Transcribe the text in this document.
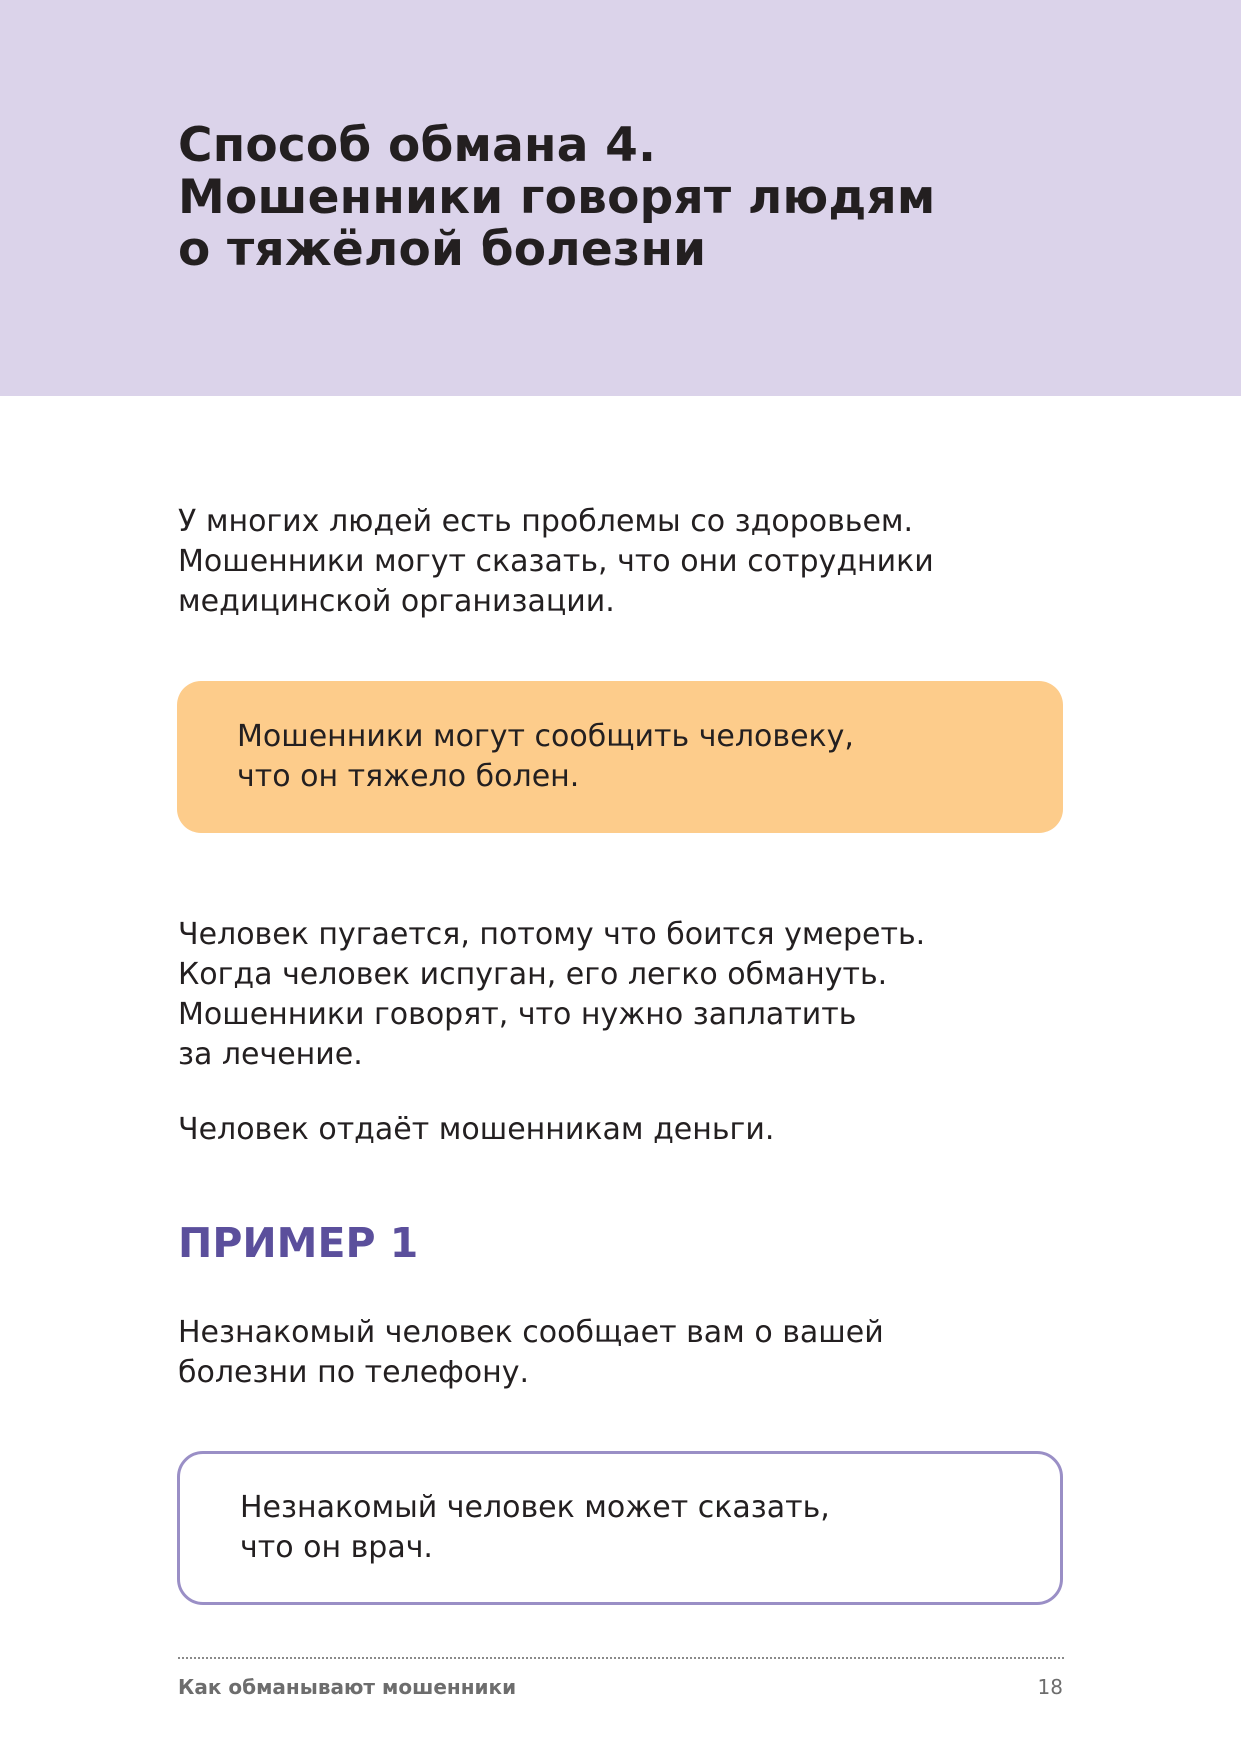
Способ обмана 4.
Мошенники говорят людям
о тяжёлой болезни

У многих людей есть проблемы со здоровьем.
Мошенники могут сказать, что они сотрудники
медицинской организации.

Мошенники могут сообщить человеку,
что он тяжело болен.

Человек пугается, потому что боится умереть.
Когда человек испуган, его легко обмануть.
Мошенники говорят, что нужно заплатить
за лечение.

Человек отдаёт мошенникам деньги.

ПРИМЕР 1

Незнакомый человек сообщает вам о вашей
болезни по телефону.

Незнакомый человек может сказать,
что он врач.
Как обманывают мошенники	18
